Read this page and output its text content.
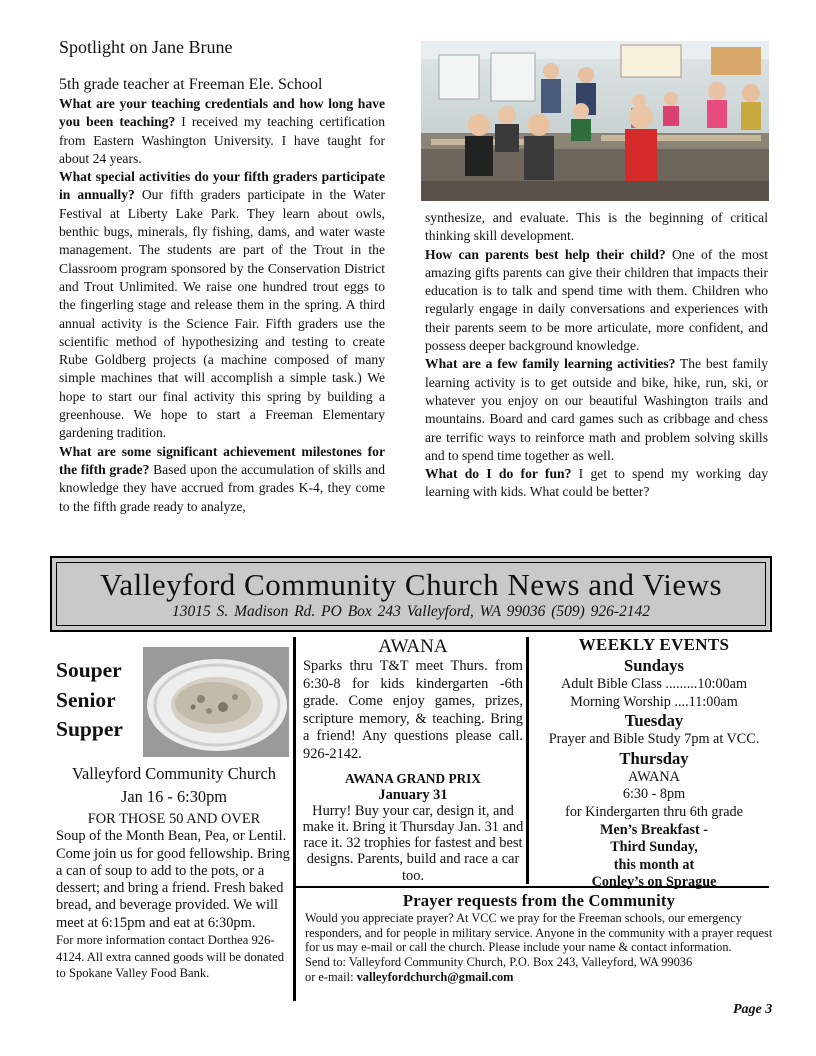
Spotlight on Jane Brune
5th grade teacher at Freeman Ele. School

What are your teaching credentials and how long have you been teaching? I received my teaching certification from Eastern Washington University. I have taught for about 24 years.

What special activities do your fifth graders participate in annually? Our fifth graders participate in the Water Festival at Liberty Lake Park. They learn about owls, benthic bugs, minerals, fly fishing, dams, and water waste management. The students are part of the Trout in the Classroom program sponsored by the Conservation District and Trout Unlimited. We raise one hundred trout eggs to the fingerling stage and release them in the spring. A third annual activity is the Science Fair. Fifth graders use the scientific method of hypothesizing and testing to create Rube Goldberg projects (a machine composed of many simple machines that will accomplish a simple task.) We hope to start our final activity this spring by building a greenhouse. We hope to start a Freeman Elementary gardening tradition.

What are some significant achievement milestones for the fifth grade? Based upon the accumulation of skills and knowledge they have accrued from grades K-4, they come to the fifth grade ready to analyze,

synthesize, and evaluate. This is the beginning of critical thinking skill development.

How can parents best help their child? One of the most amazing gifts parents can give their children that impacts their education is to talk and spend time with them. Children who regularly engage in daily conversations and experiences with their parents seem to be more articulate, more confident, and possess deeper background knowledge.

What are a few family learning activities? The best family learning activity is to get outside and bike, hike, run, ski, or whatever you enjoy on our beautiful Washington trails and mountains. Board and card games such as cribbage and chess are terrific ways to reinforce math and problem solving skills and to spend time together as well.

What do I do for fun? I get to spend my working day learning with kids. What could be better?

Valleyford Community Church News and Views
13015 S. Madison Rd. PO Box 243 Valleyford, WA 99036 (509) 926-2142
Souper
Senior
Supper
Valleyford Community Church
Jan 16 - 6:30pm
FOR THOSE 50 AND OVER
Soup of the Month Bean, Pea, or Lentil. Come join us for good fellowship. Bring a can of soup to add to the pots, or a dessert; and bring a friend. Fresh baked bread, and beverage provided. We will meet at 6:15pm and eat at 6:30pm.
For more information contact Dorthea 926-4124. All extra canned goods will be donated to Spokane Valley Food Bank.
AWANA
Sparks thru T&T meet Thurs. from 6:30-8 for kids kindergarten -6th grade. Come enjoy games, prizes, scripture memory, & teaching. Bring a friend! Any questions please call. 926-2142.
AWANA GRAND PRIX
January 31
Hurry! Buy your car, design it, and make it. Bring it Thursday Jan. 31 and race it. 32 trophies for fastest and best designs. Parents, build and race a car too.
WEEKLY EVENTS
Sundays
Adult Bible Class .........10:00am
Morning Worship ....11:00am
Tuesday
Prayer and Bible Study 7pm at VCC.
Thursday
AWANA
6:30 - 8pm
for Kindergarten thru 6th grade
Men’s Breakfast -
Third Sunday,
this month at
Conley’s on Sprague
Prayer requests from the Community
Would you appreciate prayer? At VCC we pray for the Freeman schools, our emergency responders, and for people in military service. Anyone in the community with a prayer request for us may e-mail or call the church. Please include your name & contact information.
Send to: Valleyford Community Church, P.O. Box 243, Valleyford, WA 99036
or e-mail: valleyfordchurch@gmail.com
Page 3
